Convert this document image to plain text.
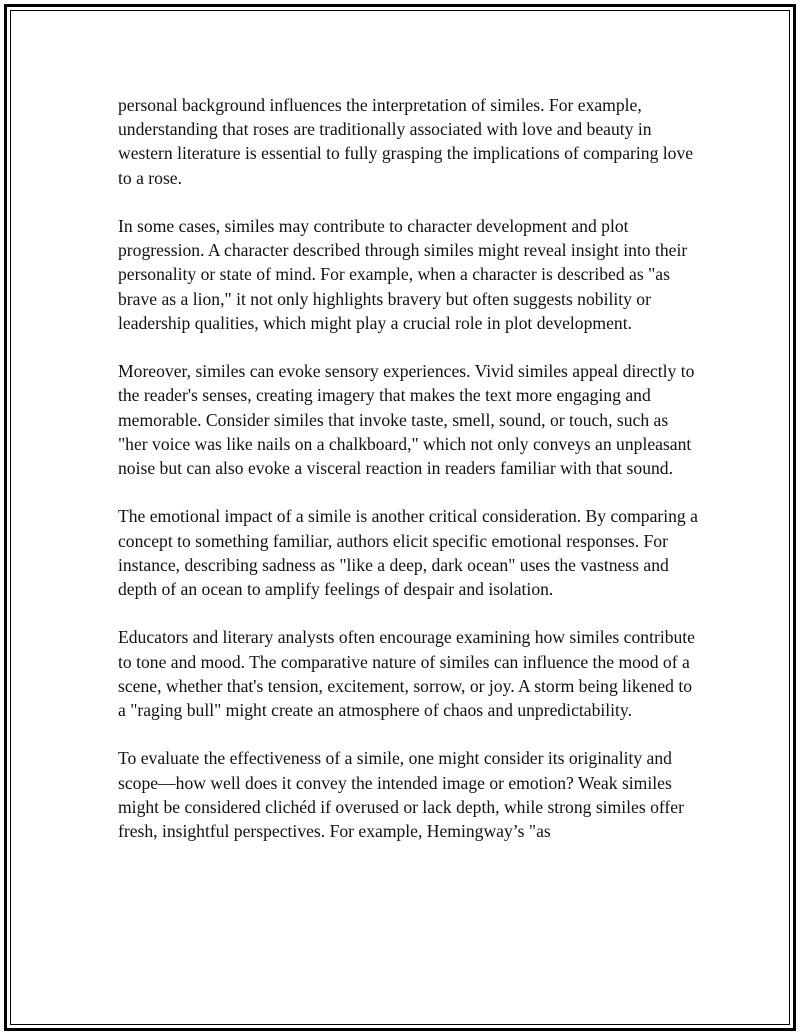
personal background influences the interpretation of similes. For example, understanding that roses are traditionally associated with love and beauty in western literature is essential to fully grasping the implications of comparing love to a rose.

In some cases, similes may contribute to character development and plot progression. A character described through similes might reveal insight into their personality or state of mind. For example, when a character is described as "as brave as a lion," it not only highlights bravery but often suggests nobility or leadership qualities, which might play a crucial role in plot development.

Moreover, similes can evoke sensory experiences. Vivid similes appeal directly to the reader's senses, creating imagery that makes the text more engaging and memorable. Consider similes that invoke taste, smell, sound, or touch, such as "her voice was like nails on a chalkboard," which not only conveys an unpleasant noise but can also evoke a visceral reaction in readers familiar with that sound.

The emotional impact of a simile is another critical consideration. By comparing a concept to something familiar, authors elicit specific emotional responses. For instance, describing sadness as "like a deep, dark ocean" uses the vastness and depth of an ocean to amplify feelings of despair and isolation.

Educators and literary analysts often encourage examining how similes contribute to tone and mood. The comparative nature of similes can influence the mood of a scene, whether that's tension, excitement, sorrow, or joy. A storm being likened to a "raging bull" might create an atmosphere of chaos and unpredictability.

To evaluate the effectiveness of a simile, one might consider its originality and scope—how well does it convey the intended image or emotion? Weak similes might be considered clichéd if overused or lack depth, while strong similes offer fresh, insightful perspectives. For example, Hemingway’s "as
